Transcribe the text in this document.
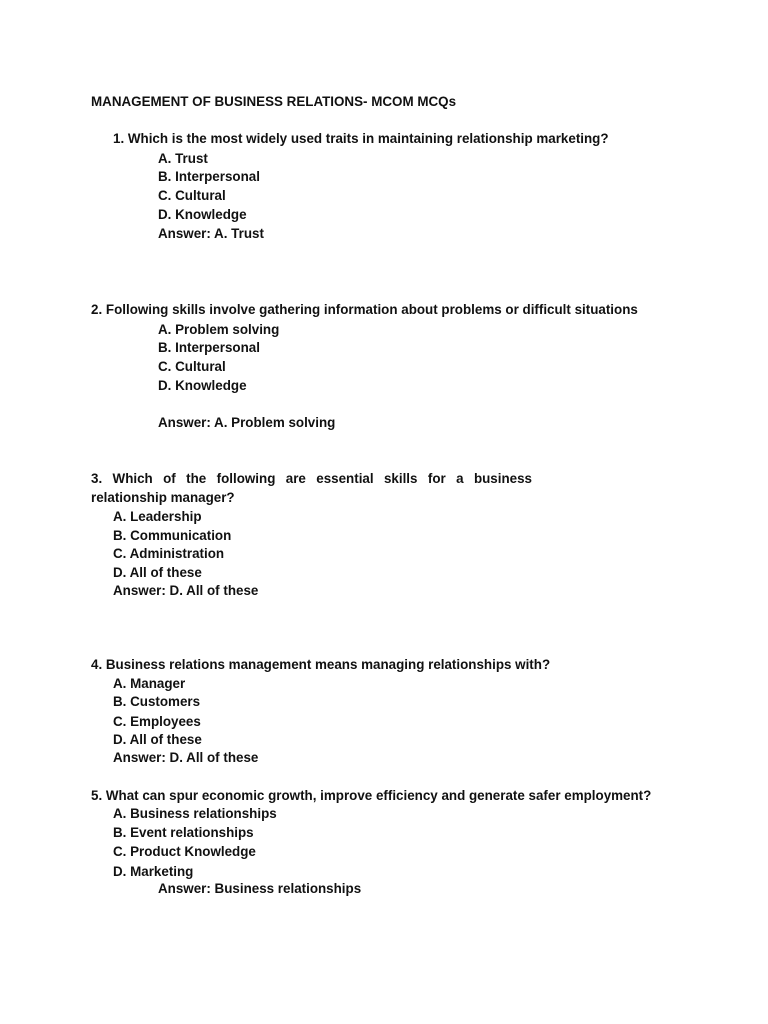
MANAGEMENT OF BUSINESS RELATIONS- MCOM MCQs
1. Which is the most widely used traits in maintaining relationship marketing?
A. Trust
B. Interpersonal
C. Cultural
D. Knowledge
Answer: A. Trust
2. Following skills involve gathering information about problems or difficult situations
A. Problem solving
B. Interpersonal
C. Cultural
D. Knowledge
Answer: A. Problem solving
3. Which of the following are essential skills for a business
relationship manager?
A. Leadership
B. Communication
C. Administration
D. All of these
Answer: D. All of these
4. Business relations management means managing relationships with?
A. Manager
B. Customers
C. Employees
D. All of these
Answer: D. All of these
5. What can spur economic growth, improve efficiency and generate safer employment?
A. Business relationships
B. Event relationships
C. Product Knowledge
D. Marketing
Answer: Business relationships
